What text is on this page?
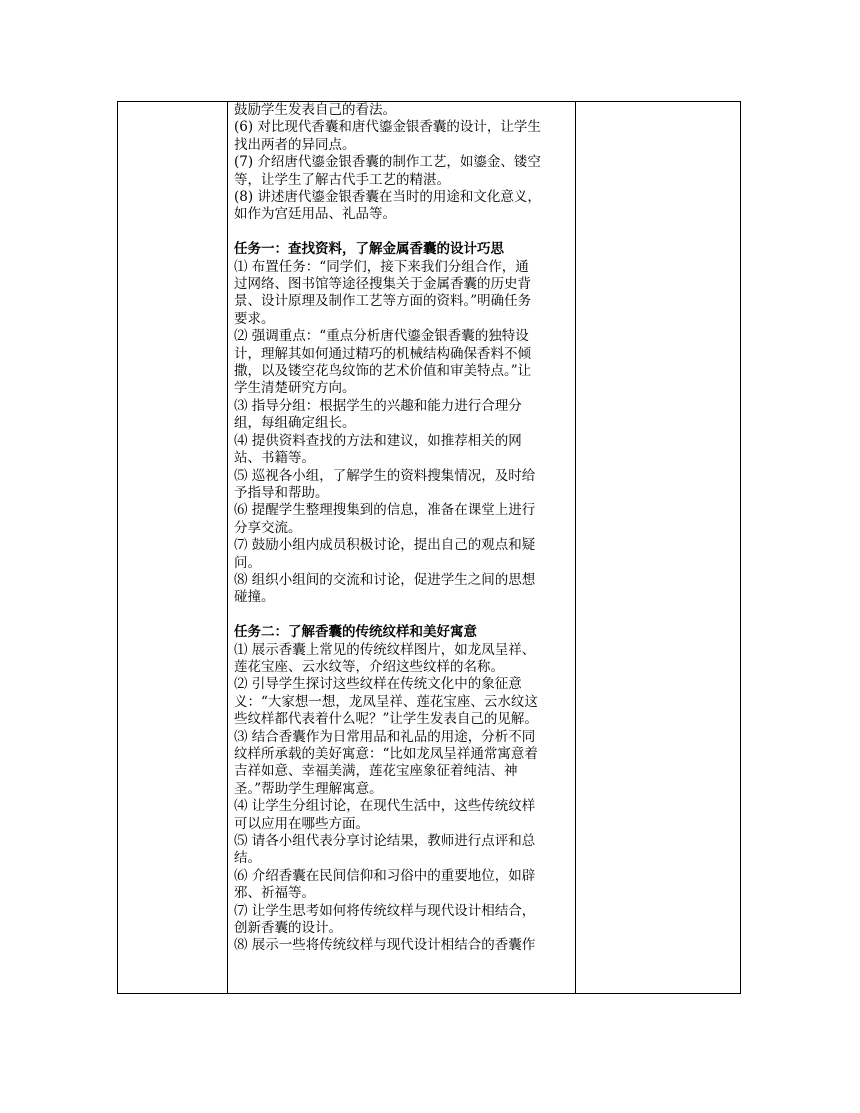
鼓励学生发表自己的看法。
(6) 对比现代香囊和唐代鎏金银香囊的设计，让学生
找出两者的异同点。
(7) 介绍唐代鎏金银香囊的制作工艺，如鎏金、镂空
等，让学生了解古代手工艺的精湛。
(8) 讲述唐代鎏金银香囊在当时的用途和文化意义，
如作为宫廷用品、礼品等。
任务一：查找资料，了解金属香囊的设计巧思
⑴ 布置任务：“同学们，接下来我们分组合作，通
过网络、图书馆等途径搜集关于金属香囊的历史背
景、设计原理及制作工艺等方面的资料。”明确任务
要求。
⑵ 强调重点：“重点分析唐代鎏金银香囊的独特设
计，理解其如何通过精巧的机械结构确保香料不倾
撒，以及镂空花鸟纹饰的艺术价值和审美特点。”让
学生清楚研究方向。
⑶ 指导分组：根据学生的兴趣和能力进行合理分
组，每组确定组长。
⑷ 提供资料查找的方法和建议，如推荐相关的网
站、书籍等。
⑸ 巡视各小组，了解学生的资料搜集情况，及时给
予指导和帮助。
⑹ 提醒学生整理搜集到的信息，准备在课堂上进行
分享交流。
⑺ 鼓励小组内成员积极讨论，提出自己的观点和疑
问。
⑻ 组织小组间的交流和讨论，促进学生之间的思想
碰撞。
任务二：了解香囊的传统纹样和美好寓意
⑴ 展示香囊上常见的传统纹样图片，如龙凤呈祥、
莲花宝座、云水纹等，介绍这些纹样的名称。
⑵ 引导学生探讨这些纹样在传统文化中的象征意
义：“大家想一想，龙凤呈祥、莲花宝座、云水纹这
些纹样都代表着什么呢？”让学生发表自己的见解。
⑶ 结合香囊作为日常用品和礼品的用途，分析不同
纹样所承载的美好寓意：“比如龙凤呈祥通常寓意着
吉祥如意、幸福美满，莲花宝座象征着纯洁、神
圣。”帮助学生理解寓意。
⑷ 让学生分组讨论，在现代生活中，这些传统纹样
可以应用在哪些方面。
⑸ 请各小组代表分享讨论结果，教师进行点评和总
结。
⑹ 介绍香囊在民间信仰和习俗中的重要地位，如辟
邪、祈福等。
⑺ 让学生思考如何将传统纹样与现代设计相结合，
创新香囊的设计。
⑻ 展示一些将传统纹样与现代设计相结合的香囊作
